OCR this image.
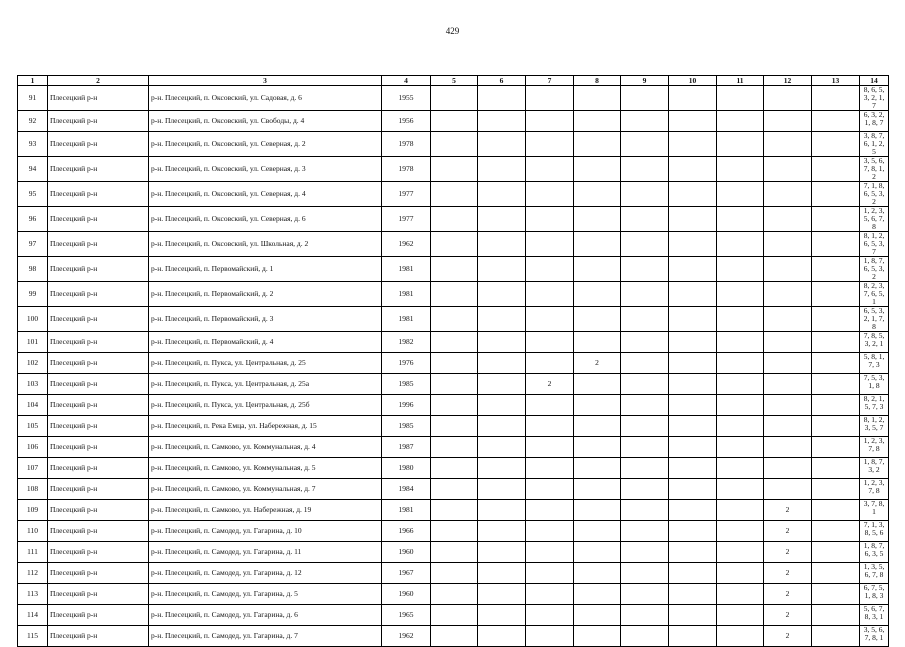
429
1	2	3	4	5	6	7	8	9	10	11	12	13	14
91	Плесецкий р-н	р-н. Плесецкий, п. Оксовский, ул. Садовая, д. 6	1955										8, 6, 5, 3, 2, 1, 7
92	Плесецкий р-н	р-н. Плесецкий, п. Оксовский, ул. Свободы, д. 4	1956										6, 3, 2, 1, 8, 7
93	Плесецкий р-н	р-н. Плесецкий, п. Оксовский, ул. Северная, д. 2	1978										3, 8, 7, 6, 1, 2, 5
94	Плесецкий р-н	р-н. Плесецкий, п. Оксовский, ул. Северная, д. 3	1978										3, 5, 6, 7, 8, 1, 2
95	Плесецкий р-н	р-н. Плесецкий, п. Оксовский, ул. Северная, д. 4	1977										7, 1, 8, 6, 5, 3, 2
96	Плесецкий р-н	р-н. Плесецкий, п. Оксовский, ул. Северная, д. 6	1977										1, 2, 3, 5, 6, 7, 8
97	Плесецкий р-н	р-н. Плесецкий, п. Оксовский, ул. Школьная, д. 2	1962										8, 1, 2, 6, 5, 3, 7
98	Плесецкий р-н	р-н. Плесецкий, п. Первомайский, д. 1	1981										1, 8, 7, 6, 5, 3, 2
99	Плесецкий р-н	р-н. Плесецкий, п. Первомайский, д. 2	1981										8, 2, 3, 7, 6, 5, 1
100	Плесецкий р-н	р-н. Плесецкий, п. Первомайский, д. 3	1981										6, 5, 3, 2, 1, 7, 8
101	Плесецкий р-н	р-н. Плесецкий, п. Первомайский, д. 4	1982										7, 8, 5, 3, 2, 1
102	Плесецкий р-н	р-н. Плесецкий, п. Пукса, ул. Центральная, д. 25	1976				2						5, 8, 1, 7, 3
103	Плесецкий р-н	р-н. Плесецкий, п. Пукса, ул. Центральная, д. 25а	1985			2							7, 5, 3, 1, 8
104	Плесецкий р-н	р-н. Плесецкий, п. Пукса, ул. Центральная, д. 25б	1996										8, 2, 1, 5, 7, 3
105	Плесецкий р-н	р-н. Плесецкий, п. Река Емца, ул. Набережная, д. 15	1985										8, 1, 2, 3, 5, 7
106	Плесецкий р-н	р-н. Плесецкий, п. Самково, ул. Коммунальная, д. 4	1987										1, 2, 3, 7, 8
107	Плесецкий р-н	р-н. Плесецкий, п. Самково, ул. Коммунальная, д. 5	1980										1, 8, 7, 3, 2
108	Плесецкий р-н	р-н. Плесецкий, п. Самково, ул. Коммунальная, д. 7	1984										1, 2, 3, 7, 8
109	Плесецкий р-н	р-н. Плесецкий, п. Самково, ул. Набережная, д. 19	1981								2		3, 7, 8, 1
110	Плесецкий р-н	р-н. Плесецкий, п. Самодед, ул. Гагарина, д. 10	1966								2		7, 1, 3, 8, 5, 6
111	Плесецкий р-н	р-н. Плесецкий, п. Самодед, ул. Гагарина, д. 11	1960								2		1, 8, 7, 6, 3, 5
112	Плесецкий р-н	р-н. Плесецкий, п. Самодед, ул. Гагарина, д. 12	1967								2		1, 3, 5, 6, 7, 8
113	Плесецкий р-н	р-н. Плесецкий, п. Самодед, ул. Гагарина, д. 5	1960								2		6, 7, 5, 1, 8, 3
114	Плесецкий р-н	р-н. Плесецкий, п. Самодед, ул. Гагарина, д. 6	1965								2		5, 6, 7, 8, 3, 1
115	Плесецкий р-н	р-н. Плесецкий, п. Самодед, ул. Гагарина, д. 7	1962								2		3, 5, 6, 7, 8, 1
